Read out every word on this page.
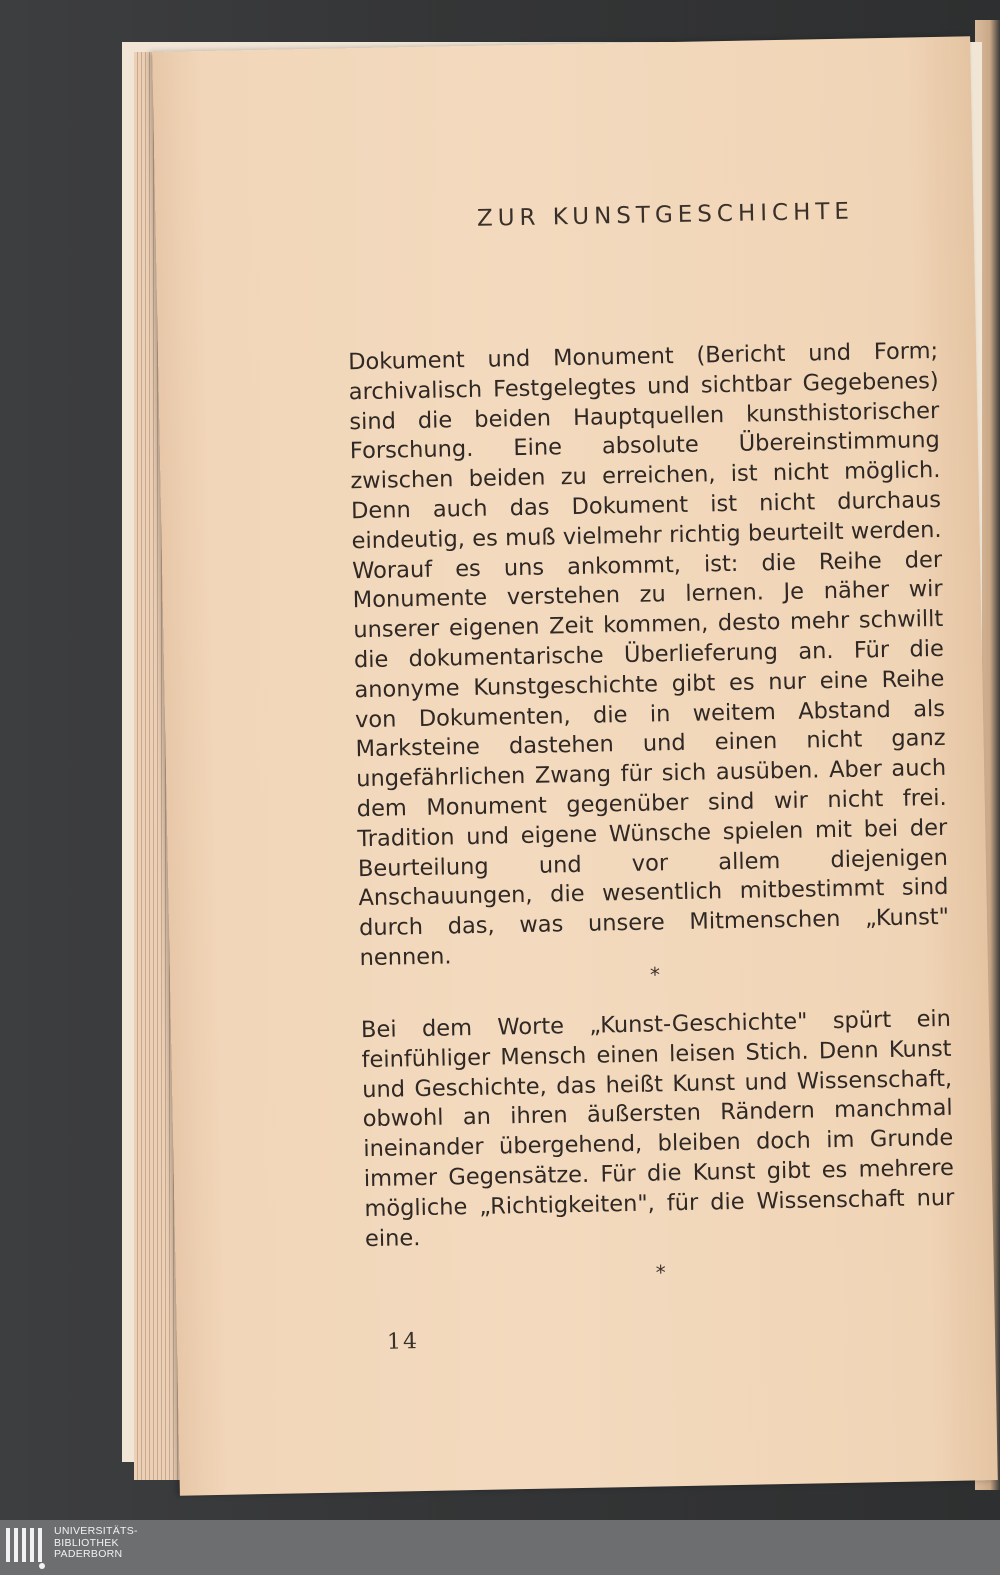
ZUR KUNSTGESCHICHTE

Dokument und Monument (Bericht und Form; archivalisch Festgelegtes und sichtbar Gegebenes) sind die beiden Hauptquellen kunsthistorischer Forschung. Eine absolute Übereinstimmung zwischen beiden zu erreichen, ist nicht möglich. Denn auch das Dokument ist nicht durchaus eindeutig, es muß vielmehr richtig beurteilt werden. Worauf es uns ankommt, ist: die Reihe der Monumente verstehen zu lernen. Je näher wir unserer eigenen Zeit kommen, desto mehr schwillt die dokumentarische Überlieferung an. Für die anonyme Kunstgeschichte gibt es nur eine Reihe von Dokumenten, die in weitem Abstand als Marksteine dastehen und einen nicht ganz ungefährlichen Zwang für sich ausüben. Aber auch dem Monument gegenüber sind wir nicht frei. Tradition und eigene Wünsche spielen mit bei der Beurteilung und vor allem diejenigen Anschauungen, die wesentlich mitbestimmt sind durch das, was unsere Mitmenschen „Kunst" nennen.

*

Bei dem Worte „Kunst-Geschichte" spürt ein feinfühliger Mensch einen leisen Stich. Denn Kunst und Geschichte, das heißt Kunst und Wissenschaft, obwohl an ihren äußersten Rändern manchmal ineinander übergehend, bleiben doch im Grunde immer Gegensätze. Für die Kunst gibt es mehrere mögliche „Richtigkeiten", für die Wissenschaft nur eine.

*
14
UNIVERSITÄTS-
BIBLIOTHEK
PADERBORN
